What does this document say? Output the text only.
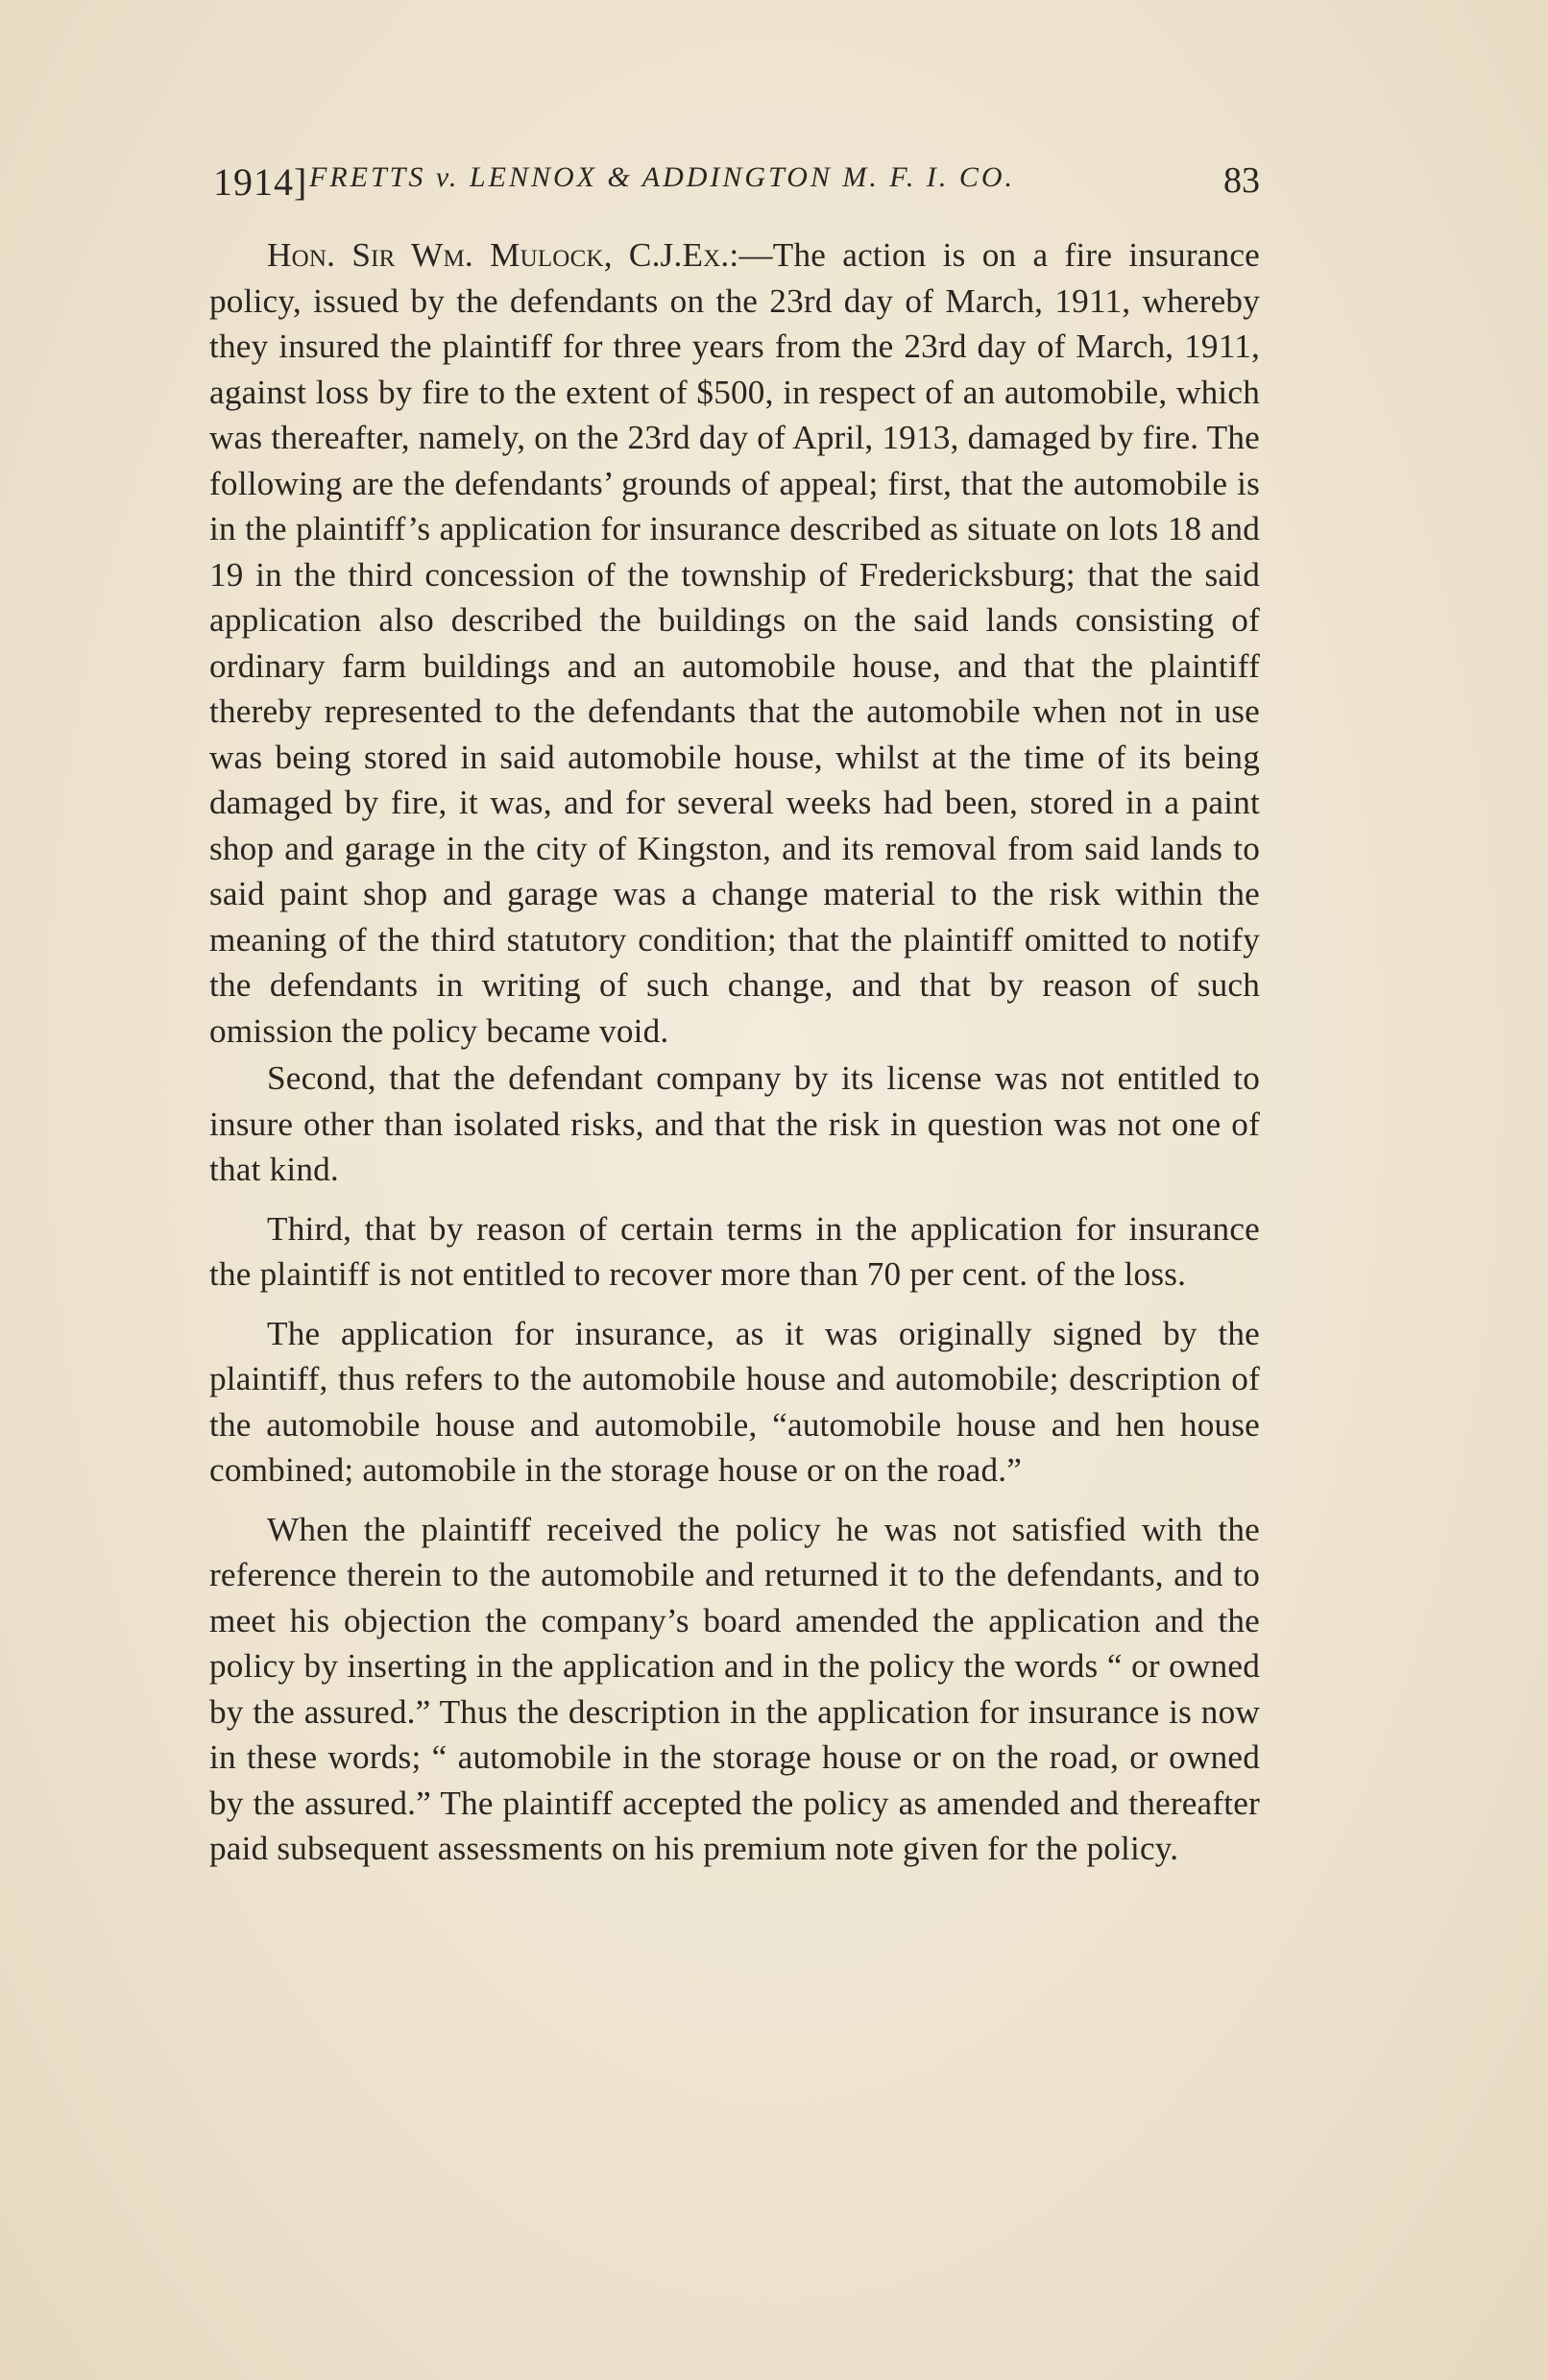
1914] FRETTS v. LENNOX & ADDINGTON M. F. I. CO.	83

Hon. Sir Wm. Mulock, C.J.Ex.:—The action is on a fire insurance policy, issued by the defendants on the 23rd day of March, 1911, whereby they insured the plaintiff for three years from the 23rd day of March, 1911, against loss by fire to the extent of $500, in respect of an automobile, which was thereafter, namely, on the 23rd day of April, 1913, damaged by fire. The following are the defendants’ grounds of appeal; first, that the automobile is in the plaintiff’s application for insurance described as situate on lots 18 and 19 in the third concession of the township of Fredericksburg; that the said application also described the buildings on the said lands consisting of ordinary farm buildings and an automobile house, and that the plaintiff thereby represented to the defendants that the automobile when not in use was being stored in said automobile house, whilst at the time of its being damaged by fire, it was, and for several weeks had been, stored in a paint shop and garage in the city of Kingston, and its removal from said lands to said paint shop and garage was a change material to the risk within the meaning of the third statutory condition; that the plaintiff omitted to notify the defendants in writing of such change, and that by reason of such omission the policy became void.

Second, that the defendant company by its license was not entitled to insure other than isolated risks, and that the risk in question was not one of that kind.

Third, that by reason of certain terms in the application for insurance the plaintiff is not entitled to recover more than 70 per cent. of the loss.

The application for insurance, as it was originally signed by the plaintiff, thus refers to the automobile house and automobile; description of the automobile house and automobile, “automobile house and hen house combined; automobile in the storage house or on the road.”

When the plaintiff received the policy he was not satisfied with the reference therein to the automobile and returned it to the defendants, and to meet his objection the company’s board amended the application and the policy by inserting in the application and in the policy the words “ or owned by the assured.” Thus the description in the application for insurance is now in these words; “ automobile in the storage house or on the road, or owned by the assured.” The plaintiff accepted the policy as amended and thereafter paid subsequent assessments on his premium note given for the policy.
